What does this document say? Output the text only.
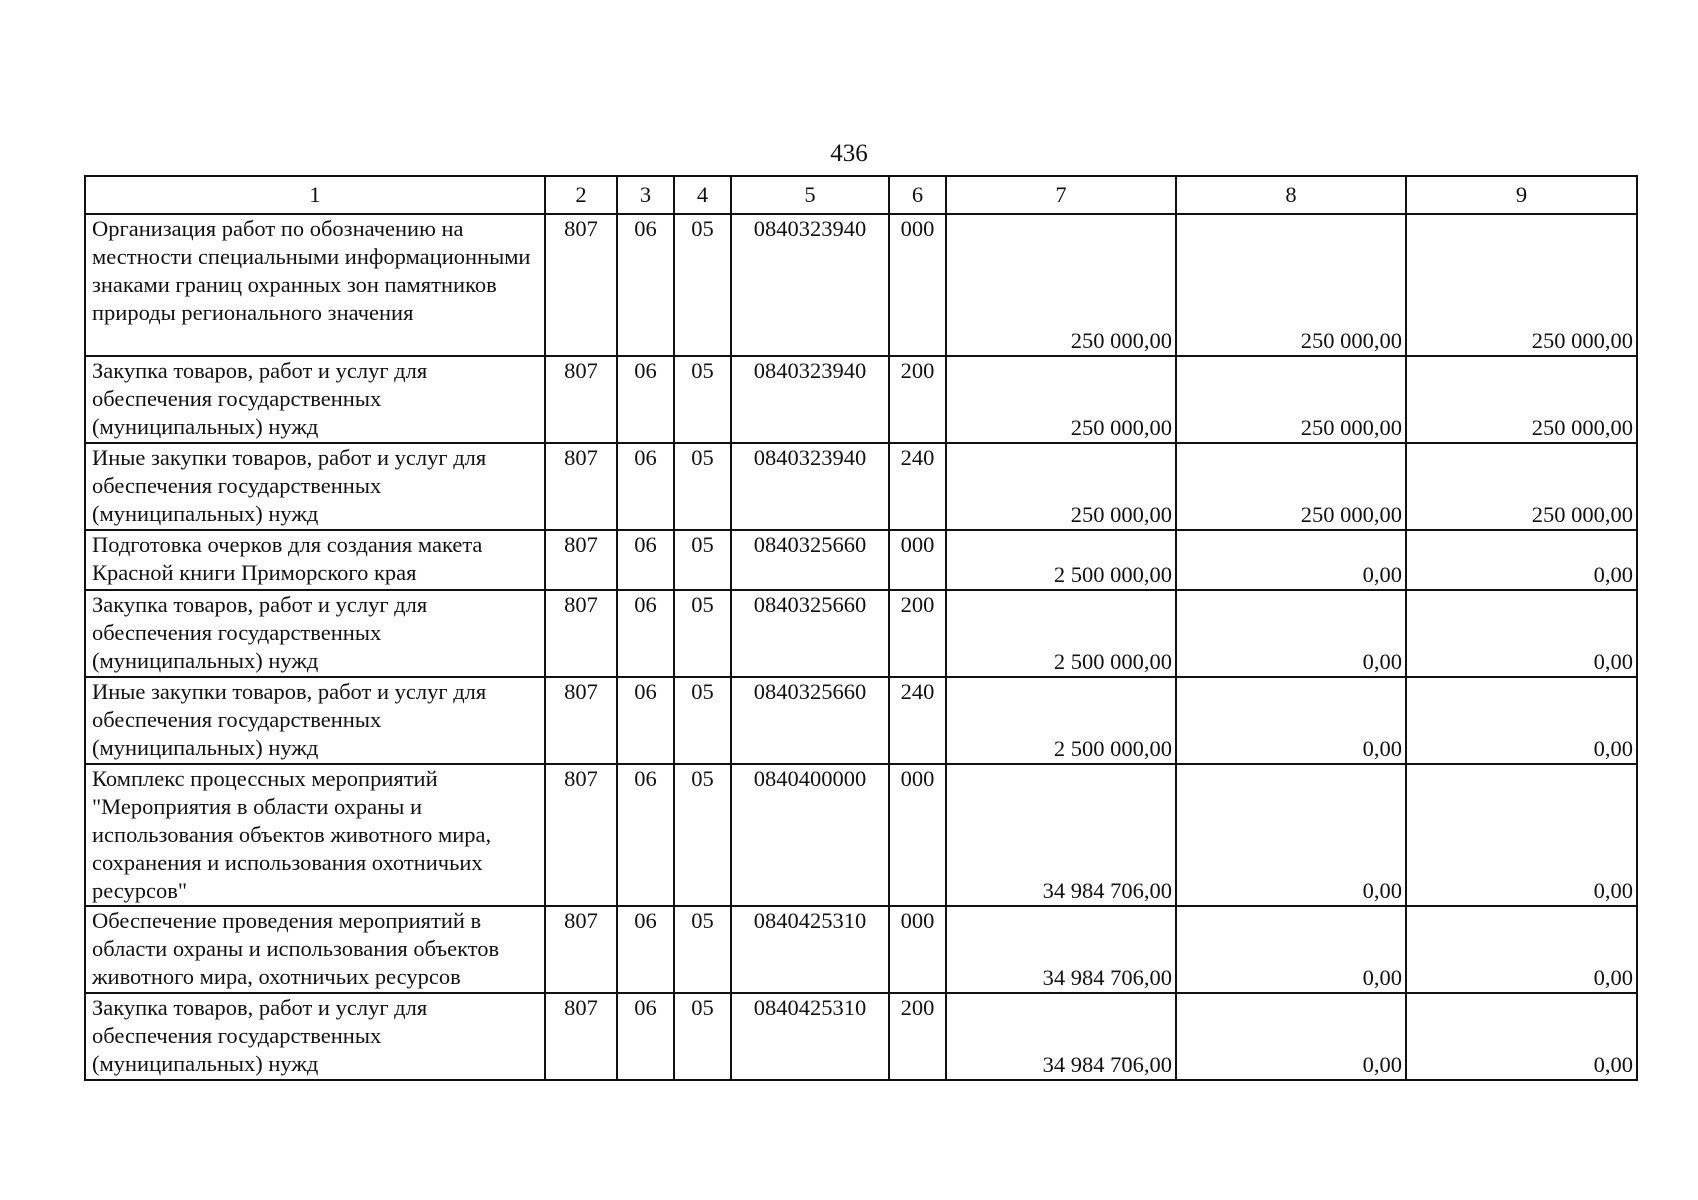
436
1	2	3	4	5	6	7	8	9
Организация работ по обозначению на местности специальными информационными знаками границ охранных зон памятников природы регионального значения	807	06	05	0840323940	000	250 000,00	250 000,00	250 000,00
Закупка товаров, работ и услуг для обеспечения государственных (муниципальных) нужд	807	06	05	0840323940	200	250 000,00	250 000,00	250 000,00
Иные закупки товаров, работ и услуг для обеспечения государственных (муниципальных) нужд	807	06	05	0840323940	240	250 000,00	250 000,00	250 000,00
Подготовка очерков для создания макета Красной книги Приморского края	807	06	05	0840325660	000	2 500 000,00	0,00	0,00
Закупка товаров, работ и услуг для обеспечения государственных (муниципальных) нужд	807	06	05	0840325660	200	2 500 000,00	0,00	0,00
Иные закупки товаров, работ и услуг для обеспечения государственных (муниципальных) нужд	807	06	05	0840325660	240	2 500 000,00	0,00	0,00
Комплекс процессных мероприятий "Мероприятия в области охраны и использования объектов животного мира, сохранения и использования охотничьих ресурсов"	807	06	05	0840400000	000	34 984 706,00	0,00	0,00
Обеспечение проведения мероприятий в области охраны и использования объектов животного мира, охотничьих ресурсов	807	06	05	0840425310	000	34 984 706,00	0,00	0,00
Закупка товаров, работ и услуг для обеспечения государственных (муниципальных) нужд	807	06	05	0840425310	200	34 984 706,00	0,00	0,00
